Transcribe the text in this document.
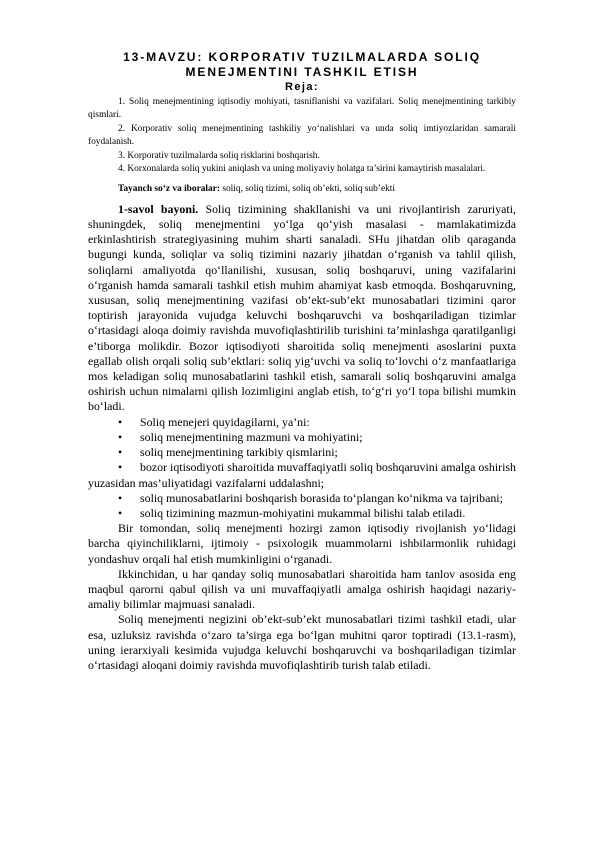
13-MAVZU: KORPORATIV TUZILMALARDA SOLIQ
MENEJMENTINI TASHKIL ETISH
Reja:

1. Soliq menejmentining iqtisodiy mohiyati, tasniflanishi va vazifalari. Soliq menejmentining tarkibiy qismlari.

2. Korporativ soliq menejmentining tashkiliy yo‘nalishlari va unda soliq imtiyozlaridan samarali foydalanish.

3. Korporativ tuzilmalarda soliq risklarini boshqarish.

4. Korxonalarda soliq yukini aniqlash va uning moliyaviy holatga ta’sirini kamaytirish masalalari.

Tayanch so‘z va iboralar: soliq, soliq tizimi, soliq ob’ekti, soliq sub’ekti

1-savol bayoni. Soliq tizimining shakllanishi va uni rivojlantirish zaruriyati, shuningdek, soliq menejmentini yo‘lga qo‘yish masalasi - mamlakatimizda erkinlashtirish strategiyasining muhim sharti sanaladi. SHu jihatdan olib qaraganda bugungi kunda, soliqlar va soliq tizimini nazariy jihatdan o‘rganish va tahlil qilish, soliqlarni amaliyotda qo‘llanilishi, xususan, soliq boshqaruvi, uning vazifalarini o‘rganish hamda samarali tashkil etish muhim ahamiyat kasb etmoqda. Boshqaruvning, xususan, soliq menejmentining vazifasi ob’ekt-sub’ekt munosabatlari tizimini qaror toptirish jarayonida vujudga keluvchi boshqaruvchi va boshqariladigan tizimlar o‘rtasidagi aloqa doimiy ravishda muvofiqlashtirilib turishini ta’minlashga qaratilganligi e’tiborga molikdir. Bozor iqtisodiyoti sharoitida soliq menejmenti asoslarini puxta egallab olish orqali soliq sub’ektlari: soliq yig‘uvchi va soliq to‘lovchi o‘z manfaatlariga mos keladigan soliq munosabatlarini tashkil etish, samarali soliq boshqaruvini amalga oshirish uchun nimalarni qilish lozimligini anglab etish, to‘g‘ri yo‘l topa bilishi mumkin bo‘ladi.

• Soliq menejeri quyidagilarni, ya’ni:

• soliq menejmentining mazmuni va mohiyatini;

• soliq menejmentining tarkibiy qismlarini;

• bozor iqtisodiyoti sharoitida muvaffaqiyatli soliq boshqaruvini amalga oshirish yuzasidan mas’uliyatidagi vazifalarni uddalashni;

• soliq munosabatlarini boshqarish borasida to‘plangan ko‘nikma va tajribani;

• soliq tizimining mazmun-mohiyatini mukammal bilishi talab etiladi.

Bir tomondan, soliq menejmenti hozirgi zamon iqtisodiy rivojlanish yo‘lidagi barcha qiyinchiliklarni, ijtimoiy - psixologik muammolarni ishbilarmonlik ruhidagi yondashuv orqali hal etish mumkinligini o‘rganadi.

Ikkinchidan, u har qanday soliq munosabatlari sharoitida ham tanlov asosida eng maqbul qarorni qabul qilish va uni muvaffaqiyatli amalga oshirish haqidagi nazariy-amaliy bilimlar majmuasi sanaladi.

Soliq menejmenti negizini ob’ekt-sub’ekt munosabatlari tizimi tashkil etadi, ular esa, uzluksiz ravishda o‘zaro ta’sirga ega bo‘lgan muhitni qaror toptiradi (13.1-rasm), uning ierarxiyali kesimida vujudga keluvchi boshqaruvchi va boshqariladigan tizimlar o‘rtasidagi aloqani doimiy ravishda muvofiqlashtirib turish talab etiladi.
